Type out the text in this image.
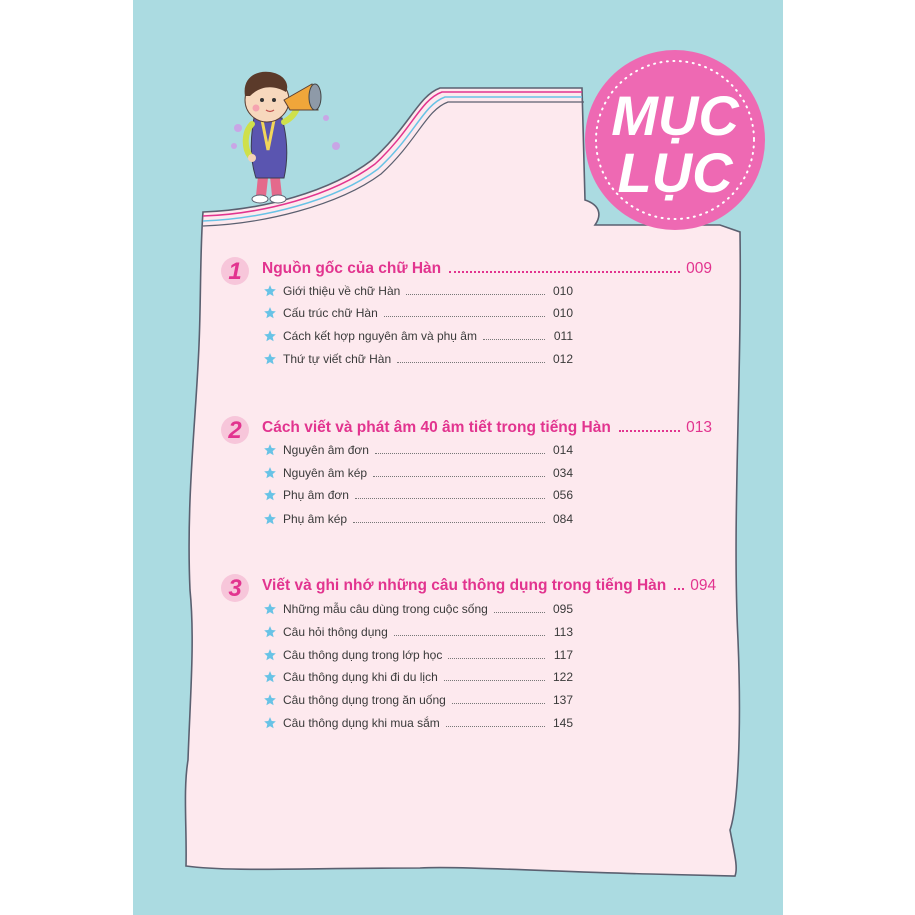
MỤC
LỤC
1 Nguồn gốc của chữ Hàn	009
Giới thiệu về chữ Hàn	010
Cấu trúc chữ Hàn	010
Cách kết hợp nguyên âm và phụ âm	011
Thứ tự viết chữ Hàn	012
2 Cách viết và phát âm 40 âm tiết trong tiếng Hàn	013
Nguyên âm đơn	014
Nguyên âm kép	034
Phụ âm đơn	056
Phụ âm kép	084
3 Viết và ghi nhớ những câu thông dụng trong tiếng Hàn 094
Những mẫu câu dùng trong cuộc sống	095
Câu hỏi thông dụng	113
Câu thông dụng trong lớp học	117
Câu thông dụng khi đi du lịch	122
Câu thông dụng trong ăn uống	137
Câu thông dụng khi mua sắm	145
